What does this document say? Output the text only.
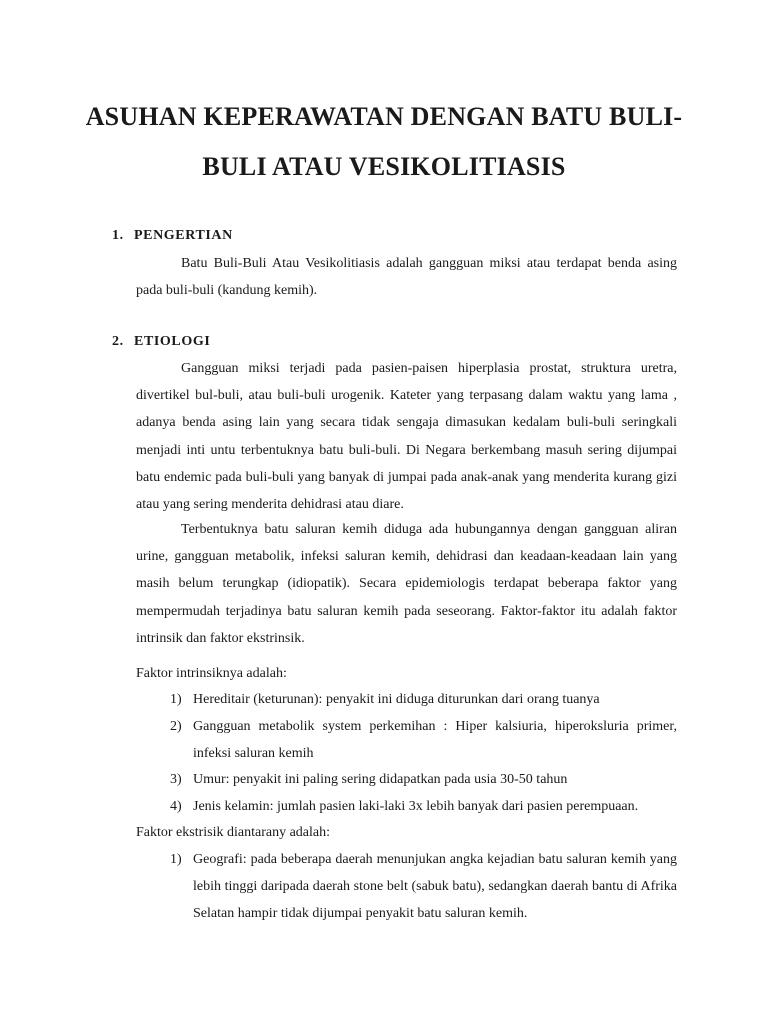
ASUHAN KEPERAWATAN DENGAN BATU BULI-BULI ATAU VESIKOLITIASIS
1. PENGERTIAN

Batu Buli-Buli Atau Vesikolitiasis adalah gangguan miksi atau terdapat benda asing pada buli-buli (kandung kemih).

2. ETIOLOGI

Gangguan miksi terjadi pada pasien-paisen hiperplasia prostat, struktura uretra, divertikel bul-buli, atau buli-buli urogenik. Kateter yang terpasang dalam waktu yang lama , adanya benda asing lain yang secara tidak sengaja dimasukan kedalam buli-buli seringkali menjadi inti untu terbentuknya batu buli-buli. Di Negara berkembang masuh sering dijumpai batu endemic pada buli-buli yang banyak di jumpai pada anak-anak yang menderita kurang gizi atau yang sering menderita dehidrasi atau diare.

Terbentuknya batu saluran kemih diduga ada hubungannya dengan gangguan aliran urine, gangguan metabolik, infeksi saluran kemih, dehidrasi dan keadaan-keadaan lain yang masih belum terungkap (idiopatik). Secara epidemiologis terdapat beberapa faktor yang mempermudah terjadinya batu saluran kemih pada seseorang. Faktor-faktor itu adalah faktor intrinsik dan faktor ekstrinsik.

Faktor intrinsiknya adalah:

1) Hereditair (keturunan): penyakit ini diduga diturunkan dari orang tuanya
2) Gangguan metabolik system perkemihan : Hiper kalsiuria, hiperoksluria primer, infeksi saluran kemih
3) Umur: penyakit ini paling sering didapatkan pada usia 30-50 tahun
4) Jenis kelamin: jumlah pasien laki-laki 3x lebih banyak dari pasien perempuaan.

Faktor ekstrisik diantarany adalah:

1) Geografi: pada beberapa daerah menunjukan angka kejadian batu saluran kemih yang lebih tinggi daripada daerah stone belt (sabuk batu), sedangkan daerah bantu di Afrika Selatan hampir tidak dijumpai penyakit batu saluran kemih.
